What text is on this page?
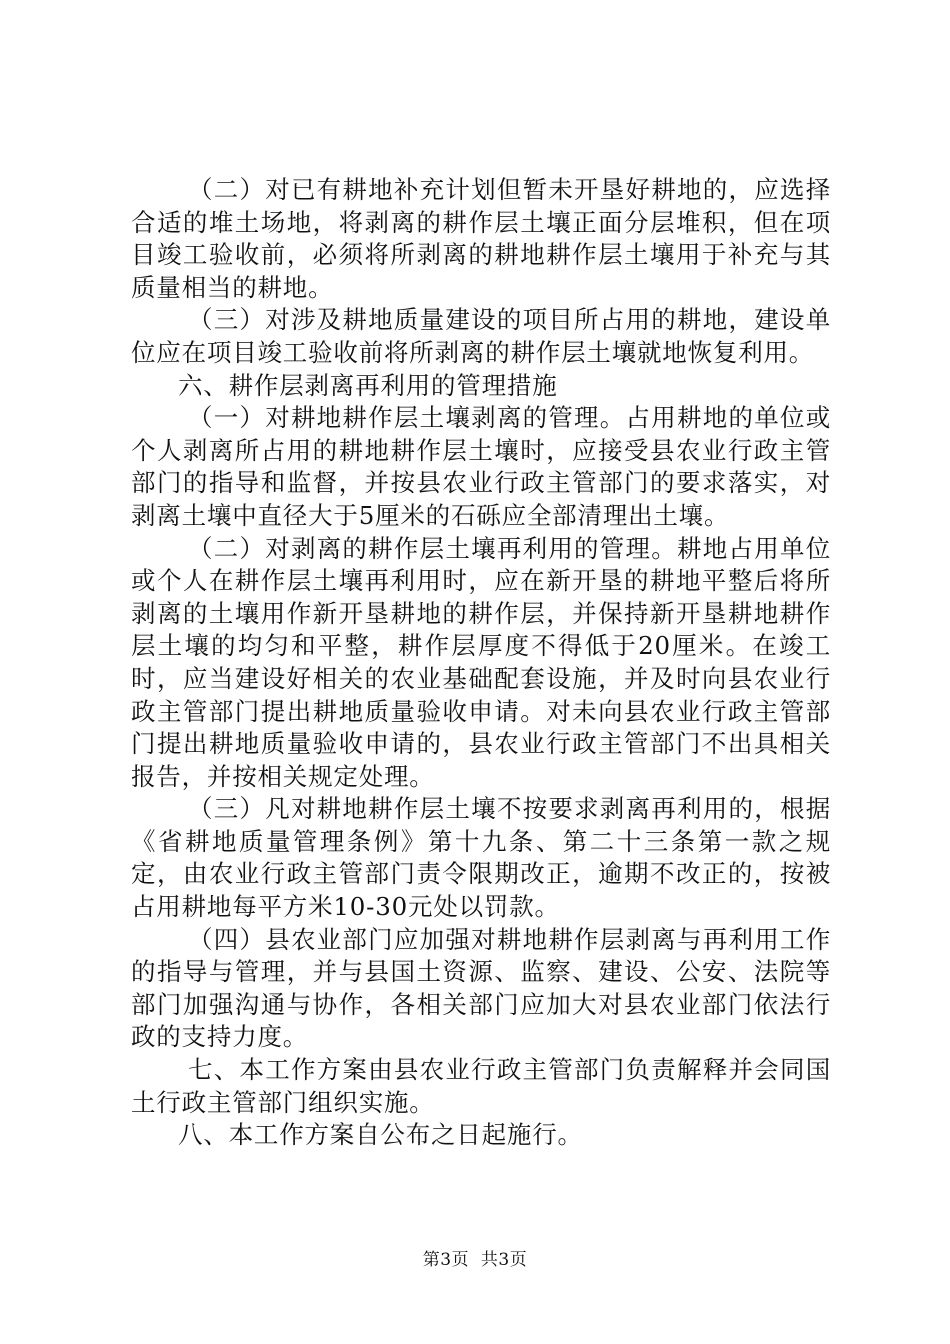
（二）对已有耕地补充计划但暂未开垦好耕地的，应选择合适的堆土场地，将剥离的耕作层土壤正面分层堆积，但在项目竣工验收前，必须将所剥离的耕地耕作层土壤用于补充与其质量相当的耕地。

（三）对涉及耕地质量建设的项目所占用的耕地，建设单位应在项目竣工验收前将所剥离的耕作层土壤就地恢复利用。

六、耕作层剥离再利用的管理措施

（一）对耕地耕作层土壤剥离的管理。占用耕地的单位或个人剥离所占用的耕地耕作层土壤时，应接受县农业行政主管部门的指导和监督，并按县农业行政主管部门的要求落实，对剥离土壤中直径大于5厘米的石砾应全部清理出土壤。

（二）对剥离的耕作层土壤再利用的管理。耕地占用单位或个人在耕作层土壤再利用时，应在新开垦的耕地平整后将所剥离的土壤用作新开垦耕地的耕作层，并保持新开垦耕地耕作层土壤的均匀和平整，耕作层厚度不得低于20厘米。在竣工时，应当建设好相关的农业基础配套设施，并及时向县农业行政主管部门提出耕地质量验收申请。对未向县农业行政主管部门提出耕地质量验收申请的，县农业行政主管部门不出具相关报告，并按相关规定处理。

（三）凡对耕地耕作层土壤不按要求剥离再利用的，根据《省耕地质量管理条例》第十九条、第二十三条第一款之规定，由农业行政主管部门责令限期改正，逾期不改正的，按被占用耕地每平方米10-30元处以罚款。

（四）县农业部门应加强对耕地耕作层剥离与再利用工作的指导与管理，并与县国土资源、监察、建设、公安、法院等部门加强沟通与协作，各相关部门应加大对县农业部门依法行政的支持力度。

七、本工作方案由县农业行政主管部门负责解释并会同国土行政主管部门组织实施。

八、本工作方案自公布之日起施行。

第3页  共3页
